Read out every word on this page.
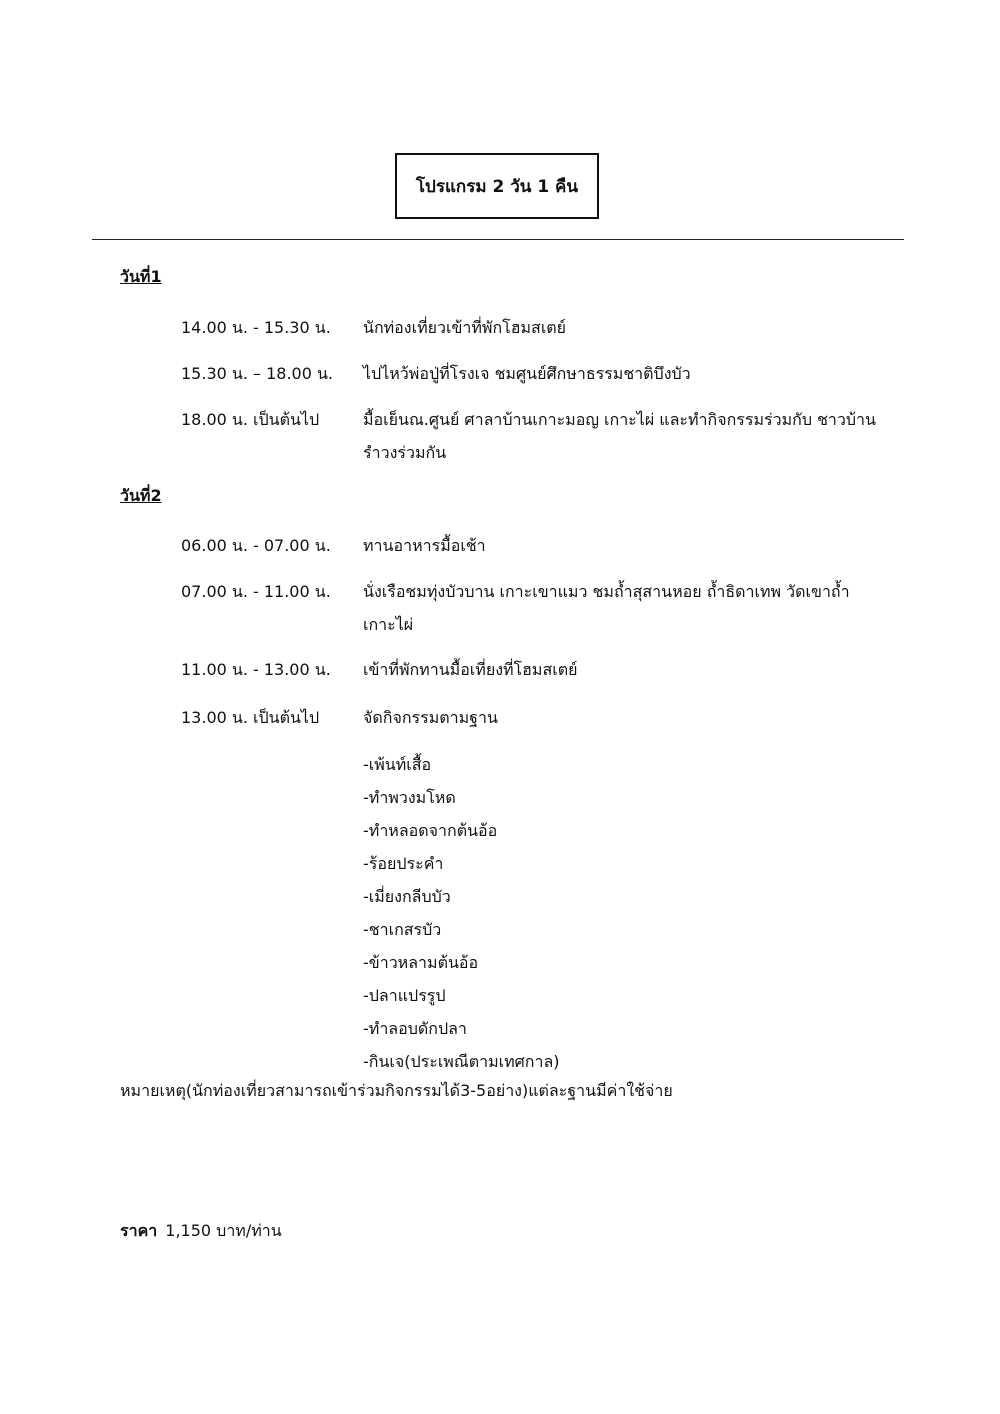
โปรแกรม 2 วัน 1 คืน
วันที่1
14.00 น. - 15.30 น.	นักท่องเที่ยวเข้าที่พักโฮมสเตย์
15.30 น. – 18.00 น.	ไปไหว้พ่อปู่ที่โรงเจ ชมศูนย์ศึกษาธรรมชาติบึงบัว
18.00 น. เป็นต้นไป	มื้อเย็นณ.ศูนย์ ศาลาบ้านเกาะมอญ เกาะไผ่ และทำกิจกรรมร่วมกับ ชาวบ้าน รำวงร่วมกัน
วันที่2
06.00 น. - 07.00 น.	ทานอาหารมื้อเช้า
07.00 น. - 11.00 น.	นั่งเรือชมทุ่งบัวบาน เกาะเขาแมว ชมถ้ำสุสานหอย ถ้ำธิดาเทพ วัดเขาถ้ำ เกาะไผ่
11.00 น. - 13.00 น.	เข้าที่พักทานมื้อเที่ยงที่โฮมสเตย์
13.00 น. เป็นต้นไป	จัดกิจกรรมตามฐาน
-เพ้นท์เสื้อ
-ทำพวงมโหด
-ทำหลอดจากต้นอ้อ
-ร้อยประคำ
-เมี่ยงกลีบบัว
-ชาเกสรบัว
-ข้าวหลามต้นอ้อ
-ปลาแปรรูป
-ทำลอบดักปลา
-กินเจ(ประเพณีตามเทศกาล)
หมายเหตุ(นักท่องเที่ยวสามารถเข้าร่วมกิจกรรมได้3-5อย่าง)แต่ละฐานมีค่าใช้จ่าย
ราคา 1,150 บาท/ท่าน
